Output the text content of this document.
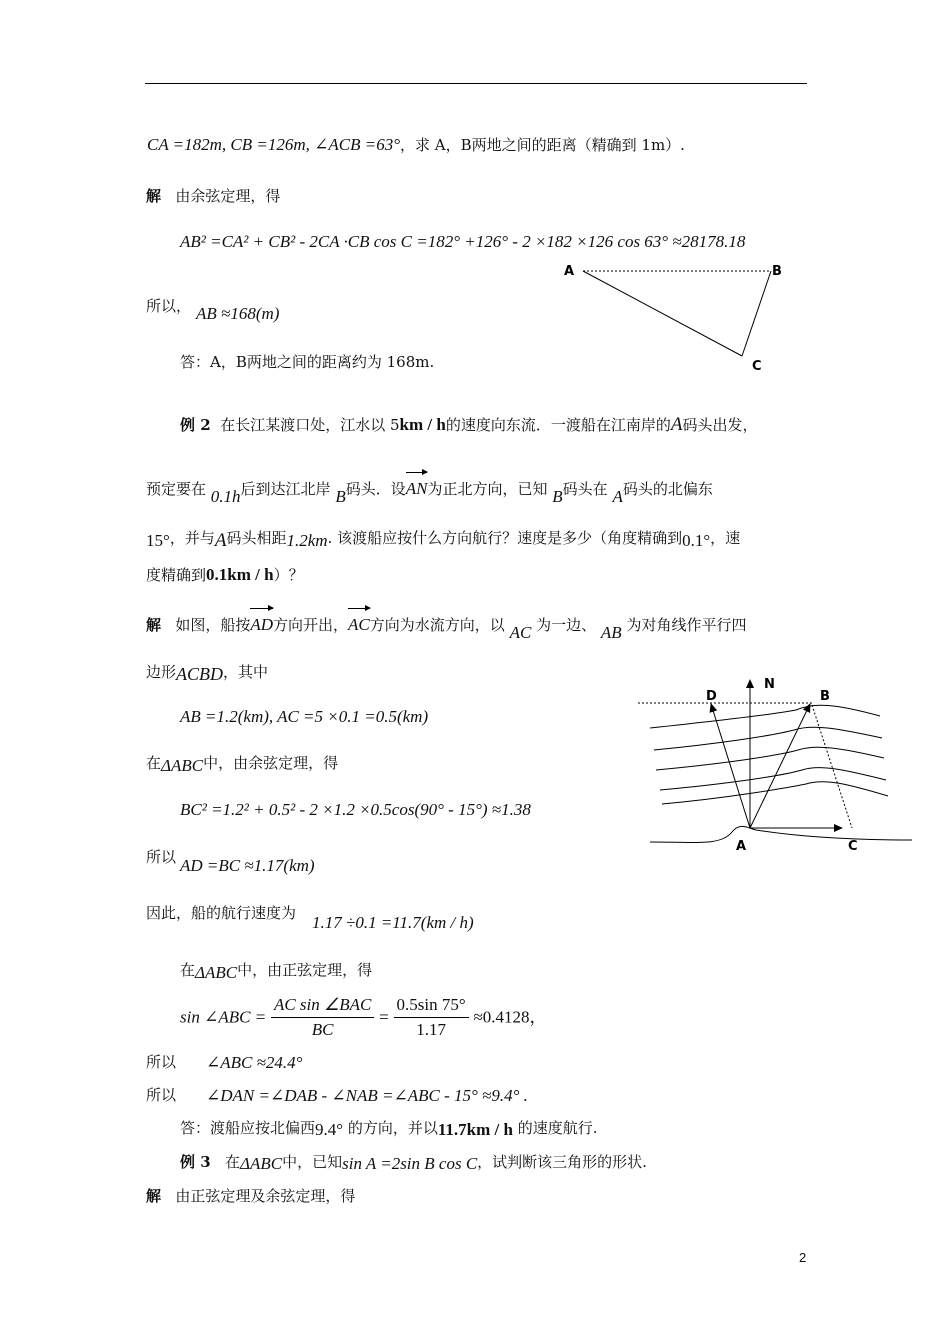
CA =182m, CB =126m, ∠ACB =63°，求 A，B两地之间的距离（精确到 1m）.
解 由余弦定理，得
AB² =CA² + CB² - 2CA ·CB cos C =182° +126° - 2 ×182 ×126 cos 63° ≈28178.18
所以， AB ≈168(m)
答：A，B两地之间的距离约为 168m.
A	B
C
例 2 在长江某渡口处，江水以 5km / h的速度向东流．一渡船在江南岸的A码头出发，
预定要在 0.1h后到达江北岸 B码头．设AN为正北方向，已知 B码头在 A码头的北偏东
15°，并与A码头相距1.2km. 该渡船应按什么方向航行？速度是多少（角度精确到0.1°，速
度精确到0.1km / h）？
解 如图，船按AD方向开出，AC方向为水流方向，以 AC 为一边、 AB 为对角线作平行四
边形ACBD，其中
AB =1.2(km), AC =5 ×0.1 =0.5(km)
在ΔABC中，由余弦定理，得
BC² =1.2² + 0.5² - 2 ×1.2 ×0.5cos(90° - 15°) ≈1.38
所以 AD =BC ≈1.17(km)
因此，船的航行速度为 1.17 ÷0.1 =11.7(km / h)
在ΔABC中，由正弦定理，得
sin ∠ABC = $\frac{\text{AC sin ∠BAC}}{BC} = \frac{0.5\sin 75^\circ}{1.17} \approx 0.4128$，
所以 ∠ABC ≈24.4°
所以 ∠DAN =∠DAB - ∠NAB =∠ABC - 15° ≈9.4° .
答：渡船应按北偏西9.4° 的方向，并以11.7km / h 的速度航行.
例 3 在ΔABC中，已知sin A =2sin B cos C，试判断该三角形的形状.
解 由正弦定理及余弦定理，得
D
N
B
A	C
2
